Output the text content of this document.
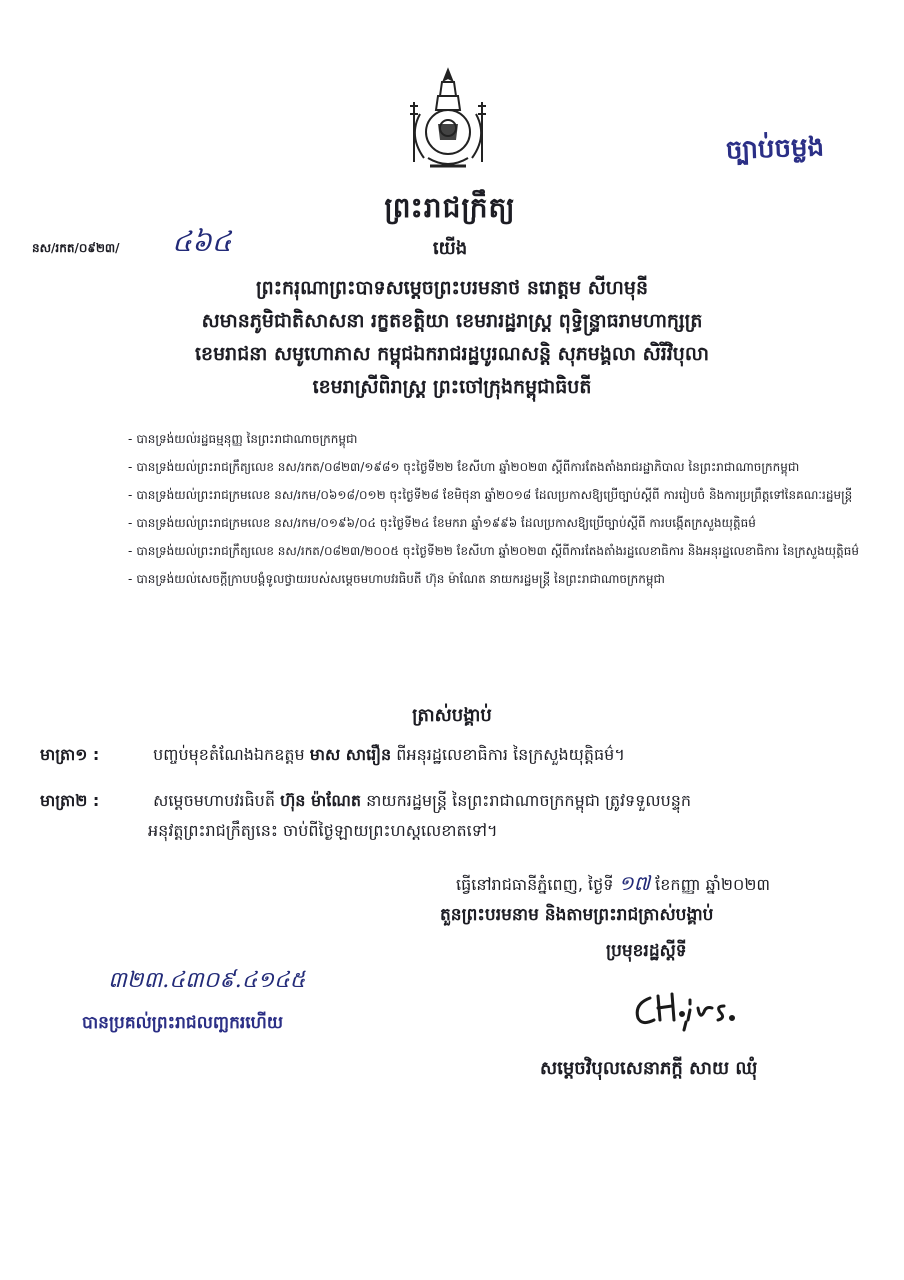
ច្បាប់ចម្លង
ព្រះរាជក្រឹត្យ
នស/រកត/០៩២៣/ ៤៦៤	យើង
ព្រះករុណាព្រះបាទសម្តេចព្រះបរមនាថ នរោត្តម សីហមុនី
សមានភូមិជាតិសាសនា រក្ខតខត្តិយា ខេមរារដ្ឋរាស្ត្រ ពុទ្ធិន្ទ្រាធរាមហាក្សត្រ
ខេមរាជនា សមូហោភាស កម្ពុជឯករាជរដ្ឋបូរណសន្តិ សុភមង្គលា សិរីវិបុលា
ខេមរាស្រីពិរាស្ត្រ ព្រះចៅក្រុងកម្ពុជាធិបតី
- បានទ្រង់យល់រដ្ឋធម្មនុញ្ញ នៃព្រះរាជាណាចក្រកម្ពុជា
- បានទ្រង់យល់ព្រះរាជក្រឹត្យលេខ នស/រកត/០៨២៣/១៩៨១ ចុះថ្ងៃទី២២ ខែសីហា ឆ្នាំ២០២៣ ស្តីពីការតែងតាំងរាជរដ្ឋាភិបាល នៃព្រះរាជាណាចក្រកម្ពុជា
- បានទ្រង់យល់ព្រះរាជក្រមលេខ នស/រកម/០៦១៨/០១២ ចុះថ្ងៃទី២៨ ខែមិថុនា ឆ្នាំ២០១៨ ដែលប្រកាសឱ្យប្រើច្បាប់ស្តីពី ការរៀបចំ និងការប្រព្រឹត្តទៅនៃគណៈរដ្ឋមន្ត្រី
- បានទ្រង់យល់ព្រះរាជក្រមលេខ នស/រកម/០១៩៦/០៤ ចុះថ្ងៃទី២៤ ខែមករា ឆ្នាំ១៩៩៦ ដែលប្រកាសឱ្យប្រើច្បាប់ស្តីពី ការបង្កើតក្រសួងយុត្តិធម៌
- បានទ្រង់យល់ព្រះរាជក្រឹត្យលេខ នស/រកត/០៨២៣/២០០៥ ចុះថ្ងៃទី២២ ខែសីហា ឆ្នាំ២០២៣ ស្តីពីការតែងតាំងរដ្ឋលេខាធិការ និងអនុរដ្ឋលេខាធិការ នៃក្រសួងយុត្តិធម៌
- បានទ្រង់យល់សេចក្តីក្រាបបង្គំទូលថ្វាយរបស់សម្តេចមហាបវរធិបតី ហ៊ុន ម៉ាណែត នាយករដ្ឋមន្ត្រី នៃព្រះរាជាណាចក្រកម្ពុជា
ត្រាស់បង្គាប់
មាត្រា១ :	បញ្ចប់មុខតំណែងឯកឧត្តម មាស សារឿន ពីអនុរដ្ឋលេខាធិការ នៃក្រសួងយុត្តិធម៌។
មាត្រា២ :	សម្តេចមហាបវរធិបតី ហ៊ុន ម៉ាណែត នាយករដ្ឋមន្ត្រី នៃព្រះរាជាណាចក្រកម្ពុជា ត្រូវទទួលបន្ទុក
អនុវត្តព្រះរាជក្រឹត្យនេះ ចាប់ពីថ្ងៃឡាយព្រះហស្តលេខាតទៅ។
ធ្វើនៅរាជធានីភ្នំពេញ, ថ្ងៃទី ១៧ ខែកញ្ញា ឆ្នាំ២០២៣
តួនព្រះបរមនាម និងតាមព្រះរាជត្រាស់បង្គាប់
ប្រមុខរដ្ឋស្តីទី
សម្តេចវិបុលសេនាភក្តី សាយ ឈុំ
៣២៣.៤៣០៩.៤១៤៥
បានប្រគល់ព្រះរាជលញ្ឆករហើយ
